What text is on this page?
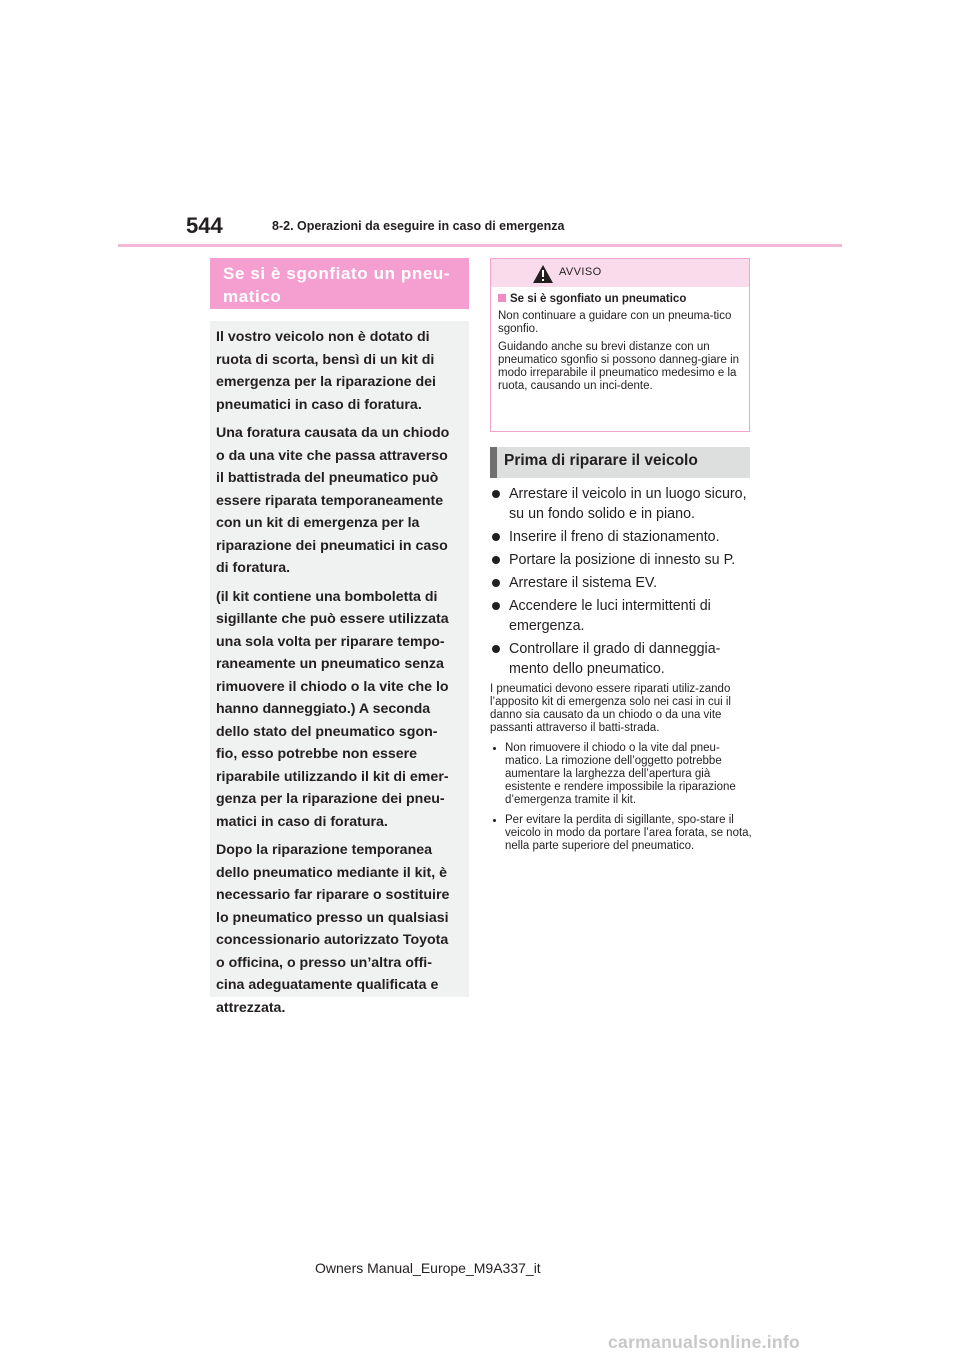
544	8-2. Operazioni da eseguire in caso di emergenza
Se si è sgonfiato un pneu-
matico

Il vostro veicolo non è dotato di ruota di scorta, bensì di un kit di emergenza per la riparazione dei pneumatici in caso di foratura.

Una foratura causata da un chiodo o da una vite che passa attraverso il battistrada del pneumatico può essere riparata temporaneamente con un kit di emergenza per la riparazione dei pneumatici in caso di foratura.

(il kit contiene una bomboletta di sigillante che può essere utilizzata una sola volta per riparare tempo-raneamente un pneumatico senza rimuovere il chiodo o la vite che lo hanno danneggiato.) A seconda dello stato del pneumatico sgon-fio, esso potrebbe non essere riparabile utilizzando il kit di emer-genza per la riparazione dei pneu-matici in caso di foratura.

Dopo la riparazione temporanea dello pneumatico mediante il kit, è necessario far riparare o sostituire lo pneumatico presso un qualsiasi concessionario autorizzato Toyota o officina, o presso un’altra offi-cina adeguatamente qualificata e attrezzata.

AVVISO
Se si è sgonfiato un pneumatico

Non continuare a guidare con un pneuma-tico sgonfio.

Guidando anche su brevi distanze con un pneumatico sgonfio si possono danneg-giare in modo irreparabile il pneumatico medesimo e la ruota, causando un inci-dente.

Prima di riparare il veicolo
Arrestare il veicolo in un luogo sicuro, su un fondo solido e in piano.
Inserire il freno di stazionamento.
Portare la posizione di innesto su P.
Arrestare il sistema EV.
Accendere le luci intermittenti di emergenza.
Controllare il grado di danneggia-mento dello pneumatico.

I pneumatici devono essere riparati utiliz-zando l’apposito kit di emergenza solo nei casi in cui il danno sia causato da un chiodo o da una vite passanti attraverso il batti-strada.

Non rimuovere il chiodo o la vite dal pneu-matico. La rimozione dell’oggetto potrebbe aumentare la larghezza dell’apertura già esistente e rendere impossibile la riparazione d’emergenza tramite il kit.
Per evitare la perdita di sigillante, spo-stare il veicolo in modo da portare l’area forata, se nota, nella parte superiore del pneumatico.
Owners Manual_Europe_M9A337_it
carmanualsonline.info
